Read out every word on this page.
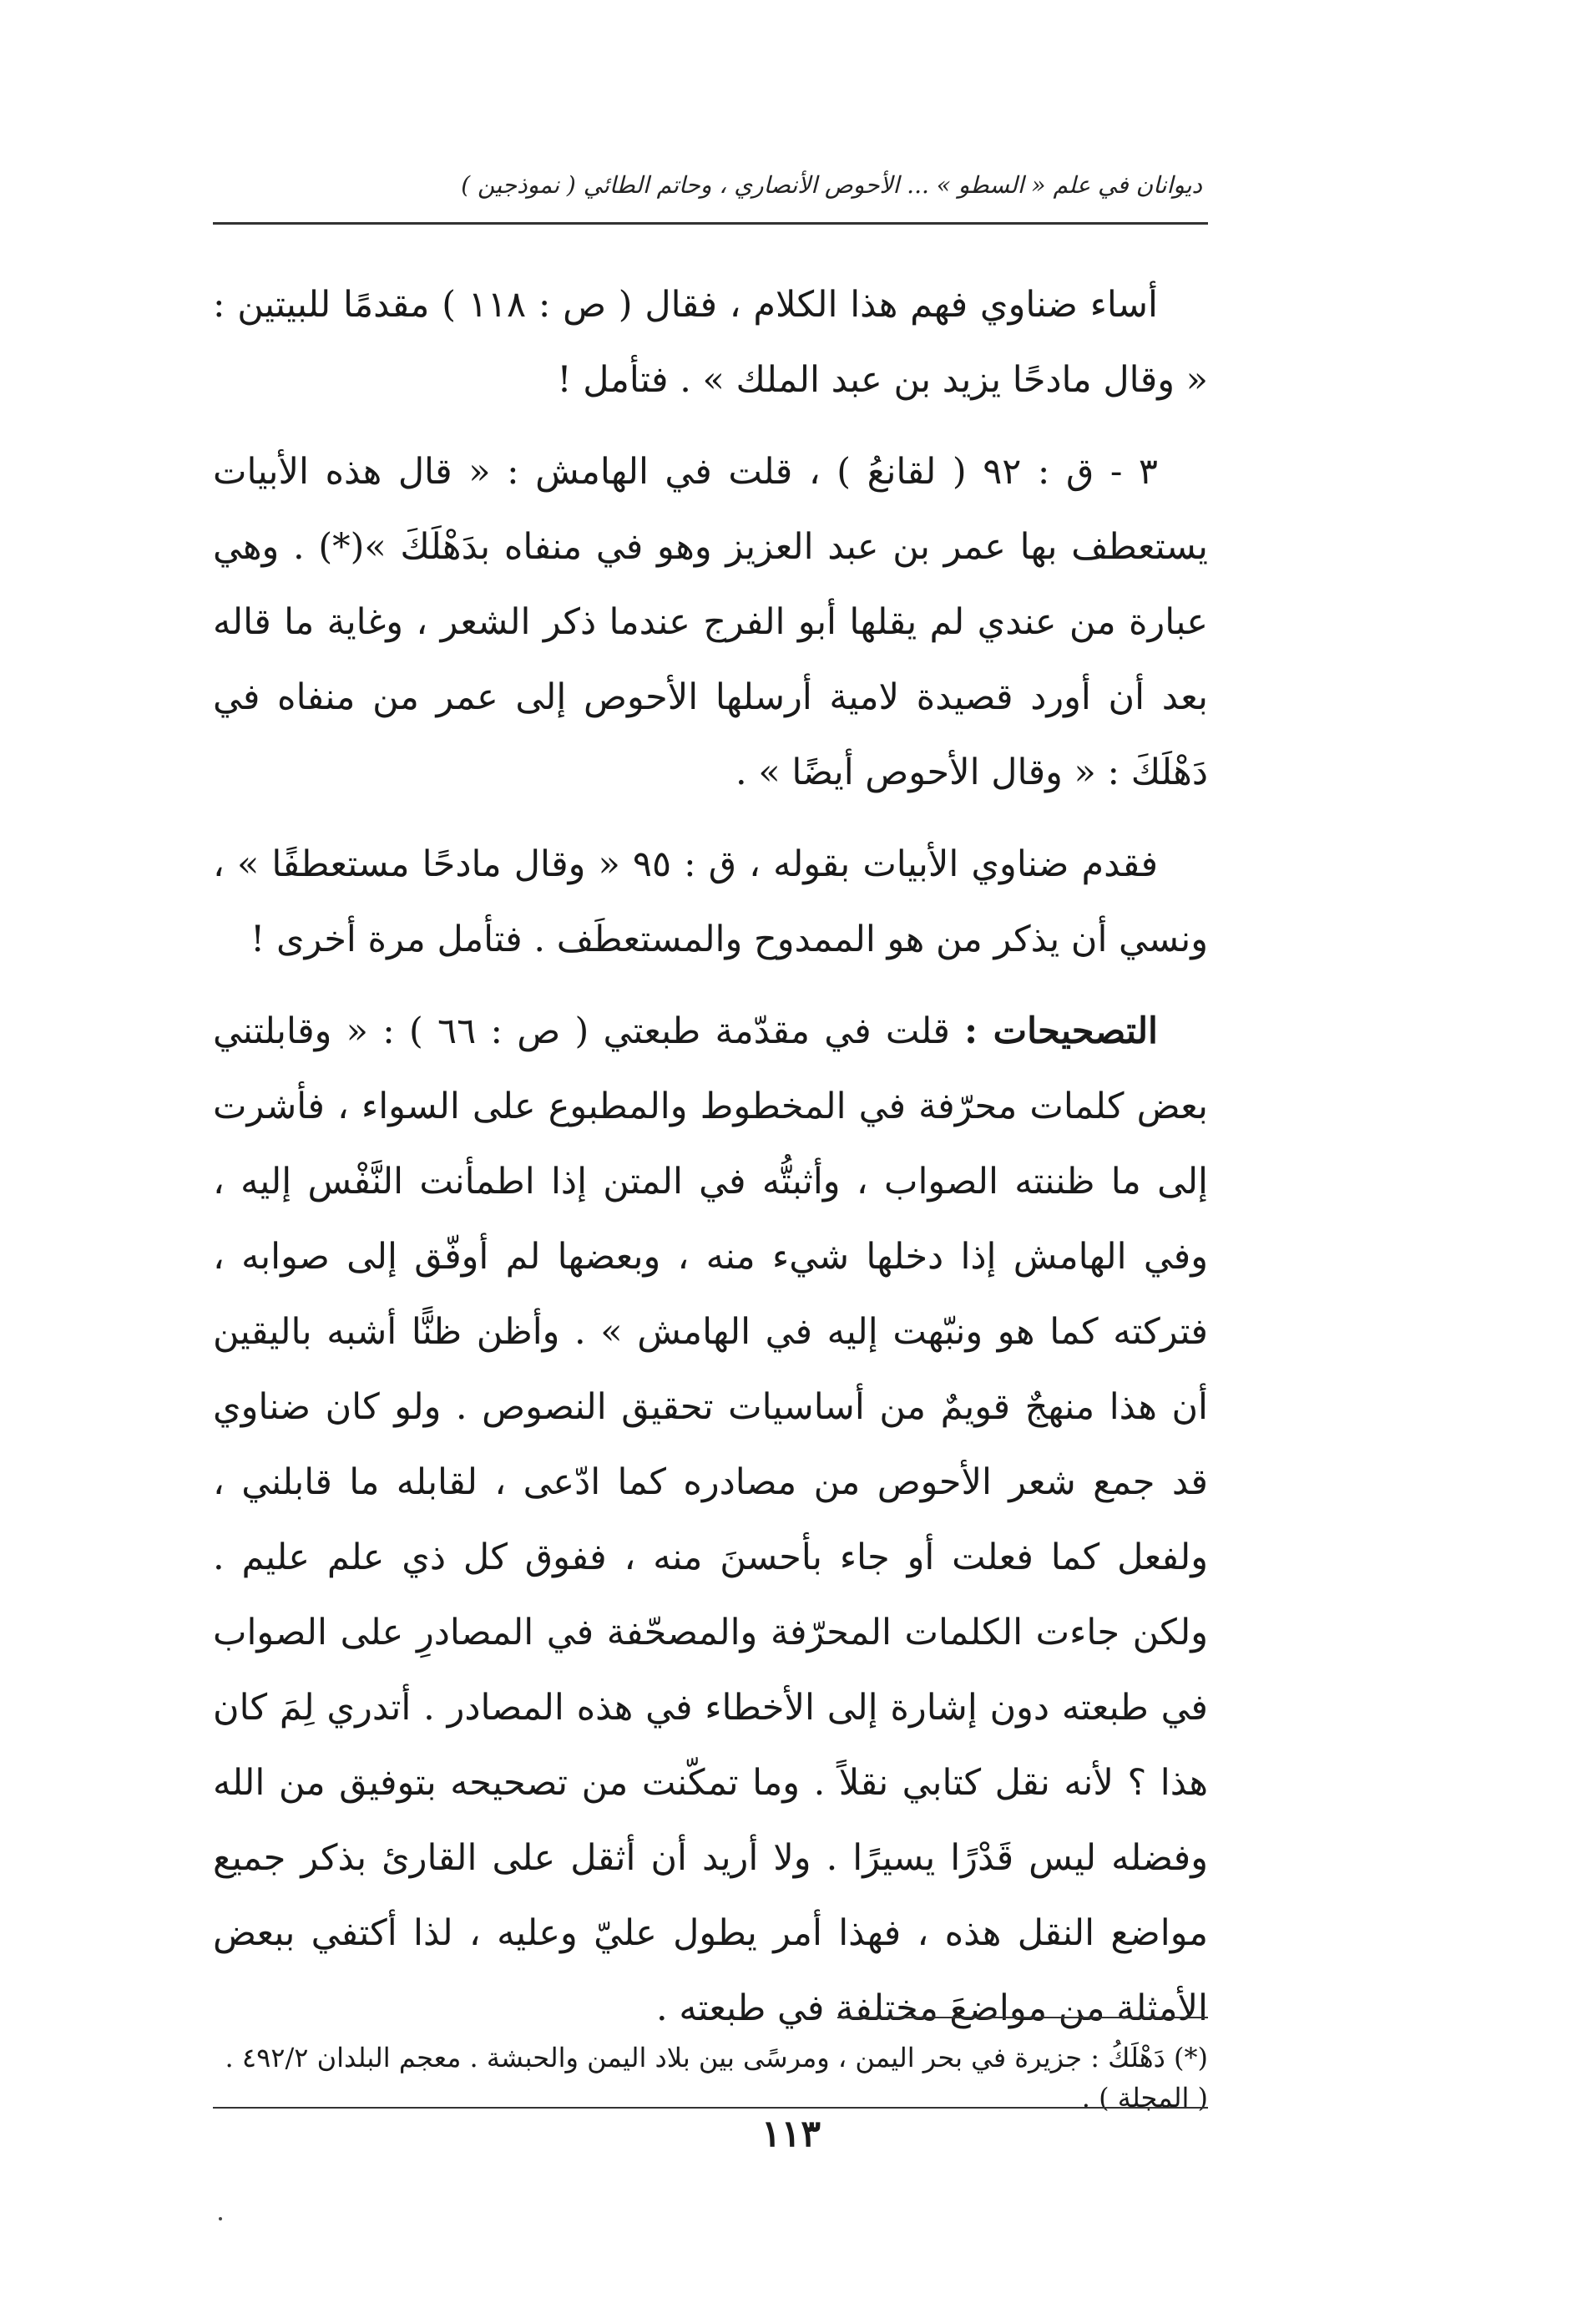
ديوانان في علم « السطو » ... الأحوص الأنصاري ، وحاتم الطائي ( نموذجين )

أساء ضناوي فهم هذا الكلام ، فقال ( ص : ١١٨ ) مقدمًا للبيتين : « وقال مادحًا يزيد بن عبد الملك » . فتأمل !

٣ - ق : ٩٢ ( لقانعُ ) ، قلت في الهامش : « قال هذه الأبيات يستعطف بها عمر بن عبد العزيز وهو في منفاه بدَهْلَكَ »(*) . وهي عبارة من عندي لم يقلها أبو الفرج عندما ذكر الشعر ، وغاية ما قاله بعد أن أورد قصيدة لامية أرسلها الأحوص إلى عمر من منفاه في دَهْلَكَ : « وقال الأحوص أيضًا » .

فقدم ضناوي الأبيات بقوله ، ق : ٩٥ « وقال مادحًا مستعطفًا » ، ونسي أن يذكر من هو الممدوح والمستعطَف . فتأمل مرة أخرى !

التصحيحات : قلت في مقدّمة طبعتي ( ص : ٦٦ ) : « وقابلتني بعض كلمات محرّفة في المخطوط والمطبوع على السواء ، فأشرت إلى ما ظننته الصواب ، وأثبتُّه في المتن إذا اطمأنت النَّفْس إليه ، وفي الهامش إذا دخلها شيء منه ، وبعضها لم أوفّق إلى صوابه ، فتركته كما هو ونبّهت إليه في الهامش » . وأظن ظنًّا أشبه باليقين أن هذا منهجٌ قويمٌ من أساسيات تحقيق النصوص . ولو كان ضناوي قد جمع شعر الأحوص من مصادره كما ادّعى ، لقابله ما قابلني ، ولفعل كما فعلت أو جاء بأحسنَ منه ، ففوق كل ذي علم عليم . ولكن جاءت الكلمات المحرّفة والمصحّفة في المصادرِ على الصواب في طبعته دون إشارة إلى الأخطاء في هذه المصادر . أتدري لِمَ كان هذا ؟ لأنه نقل كتابي نقلاً . وما تمكّنت من تصحيحه بتوفيق من الله وفضله ليس قَدْرًا يسيرًا . ولا أريد أن أثقل على القارئ بذكر جميع مواضع النقل هذه ، فهذا أمر يطول عليّ وعليه ، لذا أكتفي ببعض الأمثلة من مواضعَ مختلفة في طبعته .

(*) دَهْلَكُ : جزيرة في بحر اليمن ، ومرسًى بين بلاد اليمن والحبشة . معجم البلدان ٤٩٢/٢ . ( المجلة ) .
١١٣
